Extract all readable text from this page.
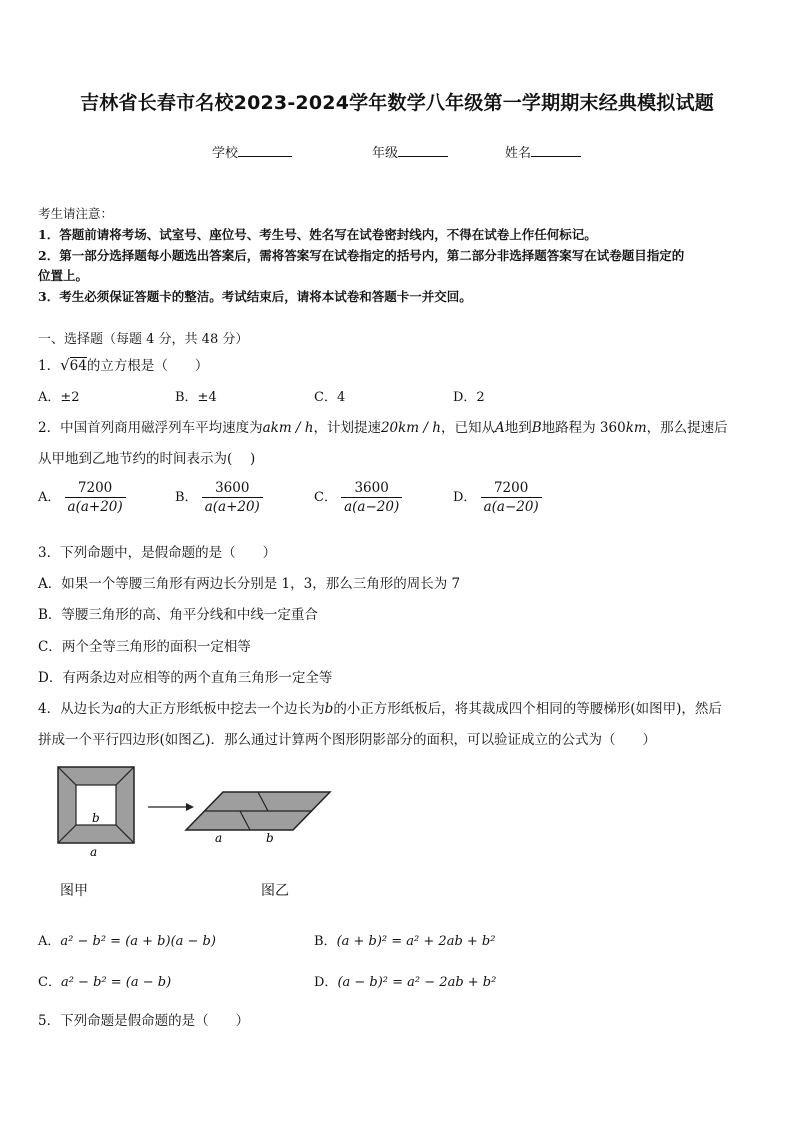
吉林省长春市名校2023-2024学年数学八年级第一学期期末经典模拟试题
学校	年级	姓名
考生请注意：
1．答题前请将考场、试室号、座位号、考生号、姓名写在试卷密封线内，不得在试卷上作任何标记。
2．第一部分选择题每小题选出答案后，需将答案写在试卷指定的括号内，第二部分非选择题答案写在试卷题目指定的
位置上。
3．考生必须保证答题卡的整洁。考试结束后，请将本试卷和答题卡一并交回。
一、选择题（每题 4 分，共 48 分）
1．√64的立方根是（　　）
A．±2	B．±4	C．4	D．2
2．中国首列商用磁浮列车平均速度为akm / h，计划提速20km / h，已知从A地到B地路程为 360km，那么提速后
从甲地到乙地节约的时间表示为(　 )
A． $\frac{7200}{a(a+20)}$	B． $\frac{3600}{a(a+20)}$	C． $\frac{3600}{a(a-20)}$	D． $\frac{7200}{a(a-20)}$
3．下列命题中，是假命题的是（　　）
A．如果一个等腰三角形有两边长分别是 1，3，那么三角形的周长为 7
B．等腰三角形的高、角平分线和中线一定重合
C．两个全等三角形的面积一定相等
D．有两条边对应相等的两个直角三角形一定全等
4．从边长为a的大正方形纸板中挖去一个边长为b的小正方形纸板后，将其裁成四个相同的等腰梯形(如图甲)，然后
拼成一个平行四边形(如图乙)．那么通过计算两个图形阴影部分的面积，可以验证成立的公式为（　　）
b
a
a	b
图甲	图乙
A．a² − b² = (a + b)(a − b)	B．(a + b)² = a² + 2ab + b²
C．a² − b² = (a − b)	D．(a − b)² = a² − 2ab + b²
5．下列命题是假命题的是（　　）
